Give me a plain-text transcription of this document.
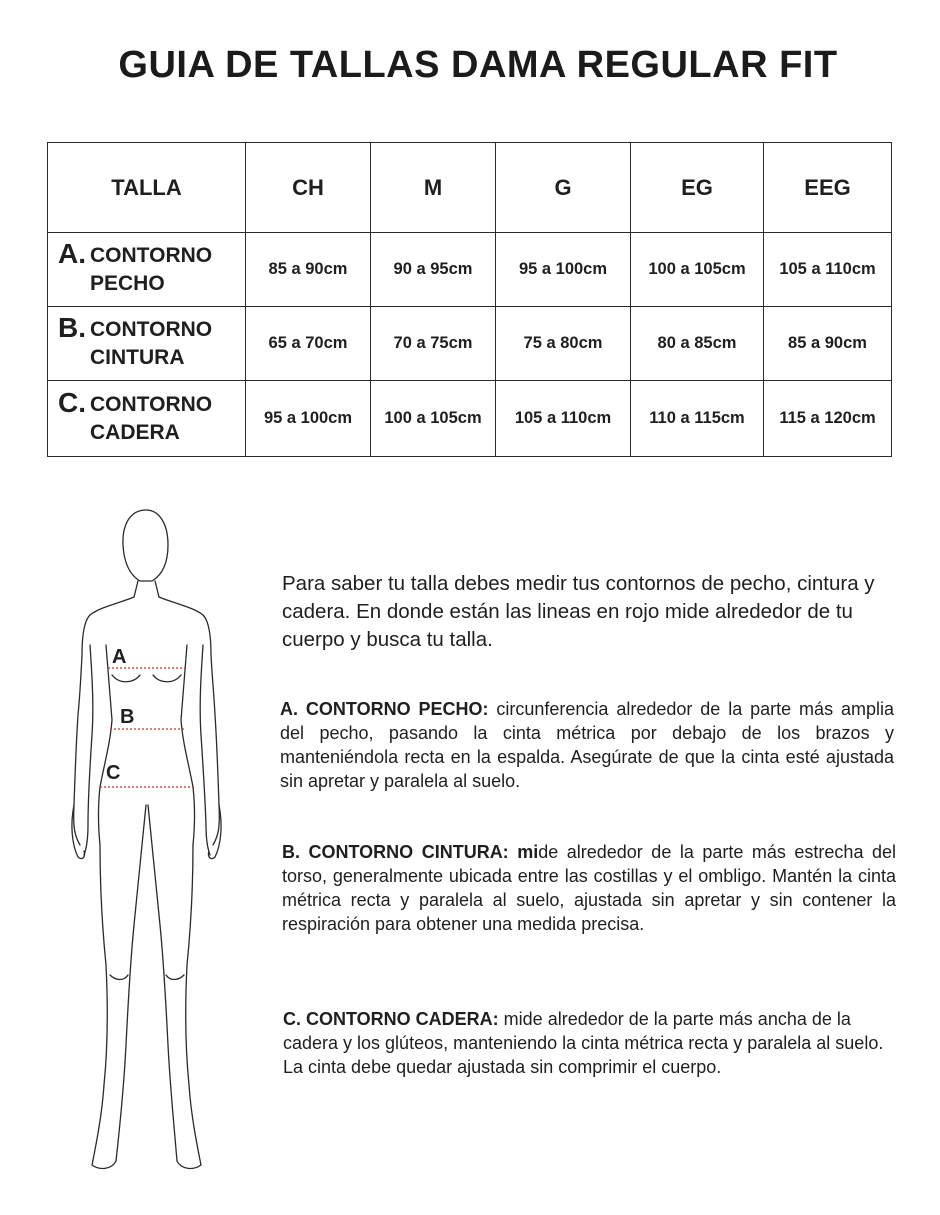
GUIA DE TALLAS DAMA REGULAR FIT
TALLA	CH	M	G	EG	EEG

A. CONTORNO
PECHO	85 a 90cm	90 a 95cm	95 a 100cm	100 a 105cm	105 a 110cm

B. CONTORNO
CINTURA	65 a 70cm	70 a 75cm	75 a 80cm	80 a 85cm	85 a 90cm

C. CONTORNO
CADERA	95 a 100cm	100 a 105cm	105 a 110cm	110 a 115cm	115 a 120cm
A
B
C
Para saber tu talla debes medir tus contornos de pecho, cintura y cadera. En donde están las lineas en rojo mide alrededor de tu cuerpo y busca tu talla.
A. CONTORNO PECHO: circunferencia alrededor de la parte más amplia del pecho, pasando la cinta métrica por debajo de los brazos y manteniéndola recta en la espalda. Asegúrate de que la cinta esté ajustada sin apretar y paralela al suelo.
B. CONTORNO CINTURA: mide alrededor de la parte más estrecha del torso, generalmente ubicada entre las costillas y el ombligo. Mantén la cinta métrica recta y paralela al suelo, ajustada sin apretar y sin contener la respiración para obtener una medida precisa.
C. CONTORNO CADERA: mide alrededor de la parte más ancha de la cadera y los glúteos, manteniendo la cinta métrica recta y paralela al suelo. La cinta debe quedar ajustada sin comprimir el cuerpo.
